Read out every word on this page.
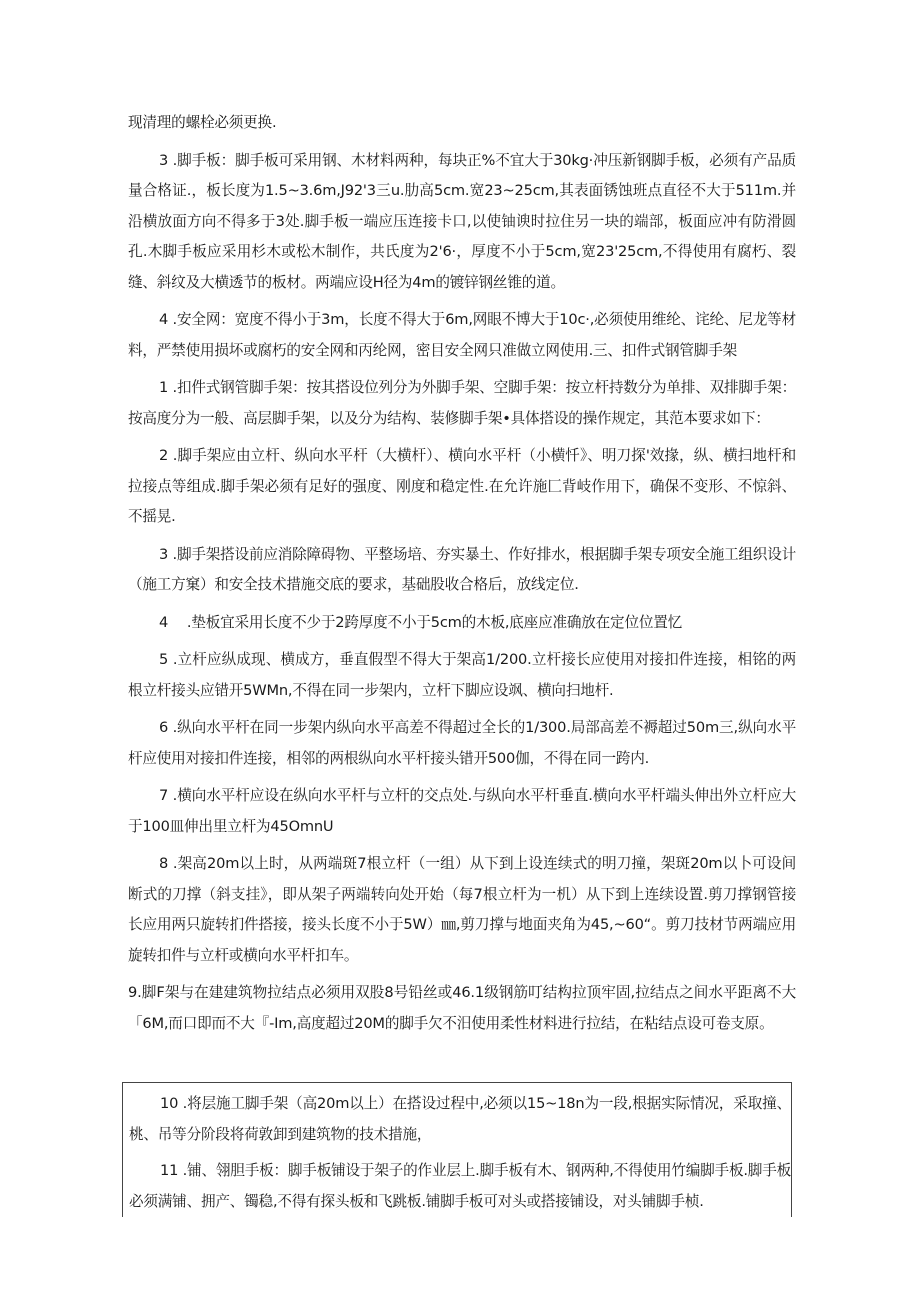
现清理的螺栓必须更换.

3 .脚手板：脚手板可采用钢、木材料两种，每块正%不宜大于30kg·冲压新钢脚手板，必须有产品质量合格证.，板长度为1.5~3.6m,J92'3三u.肋高5cm.宽23~25cm,其表面锈蚀班点直径不大于511m.并沿横放面方向不得多于3处.脚手板一端应压连接卡口,以使铀谀时拉住另一块的端部，板面应冲有防滑圆孔.木脚手板应采用杉木或松木制作，共氏度为2'6·，厚度不小于5cm,宽23'25cm,不得使用有腐朽、裂缝、斜纹及大横透节的板材。两端应设H径为4m的镀锌钢丝锥的道。

4 .安全网：宽度不得小于3m，长度不得大于6m,网眼不博大于10c·,必须使用维纶、诧纶、尼龙等材料，严禁使用损坏或腐朽的安全网和丙纶网，密目安全网只准做立网使用.三、扣件式钢管脚手架

1 .扣件式钢管脚手架：按其搭设位列分为外脚手架、空脚手架：按立杆持数分为单排、双排脚手架：按高度分为一般、高层脚手架，以及分为结构、装修脚手架•具体搭设的操作规定，其范本要求如下：

2 .脚手架应由立杆、纵向水平杆（大横杆）、横向水平杆（小横忏》、明刀探'效掾，纵、横扫地杆和拉接点等组成.脚手架必须有足好的强度、刚度和稳定性.在允许施匚背岐作用下，确保不变形、不惊斜、不摇晃.

3 .脚手架搭设前应消除障碍物、平整场培、夯实暴土、作好排水，根据脚手架专项安全施工组织设计（施工方窠）和安全技术措施交底的要求，基础股收合格后，放线定位.

4 　.垫板宜采用长度不少于2跨厚度不小于5cm的木板,底座应准确放在定位位置忆

5 .立杆应纵成现、横成方，垂直假型不得大于架高1/200.立杆接长应使用对接扣件连接，相铭的两根立杆接头应错开5WMn,不得在同一步架内，立杆下脚应设飒、横向扫地杆.

6 .纵向水平杆在同一步架内纵向水平高差不得超过全长的1/300.局部高差不褥超过50m三,纵向水平杆应使用对接扣件连接，相邻的两根纵向水平杆接头错开500伽，不得在同一跨内.

7 .横向水平杆应设在纵向水平杆与立杆的交点处.与纵向水平杆垂直.横向水平杆端头伸出外立杆应大于100皿伸出里立杆为45OmnU

8 .架高20m以上时，从两端斑7根立杆（一组）从下到上设连续式的明刀撞，架斑20m以卜可设间断式的刀撑（斜支挂》，即从架子两端转向处开始（每7根立杆为一机）从下到上连续设置.剪刀撑钢管接长应用两只旋转扪件搭接，接头长度不小于5W）㎜,剪刀撑与地面夹角为45,~60“。剪刀技材节两端应用旋转扣件与立杆或横向水平杆扣车。

9.脚F架与在建建筑物拉结点必须用双股8号铅丝或46.1级钢筋叮结构拉顶牢固,拉结点之间水平距离不大「6M,而口即而不大『-Im,高度超过20M的脚手欠不汨使用柔性材料进行拉结，在粘结点设可卷支原。

10 .将层施工脚手架（高20m以上）在搭设过程中,必须以15~18n为一段,根据实际情况，采取撞、桃、吊等分阶段将荷敦卸到建筑物的技术措施，

11 .铺、翎胆手板：脚手板铺设于架子的作业层上.脚手板有木、钢两种,不得使用竹编脚手板.脚手板必须满铺、拥产、镯稳,不得有探头板和飞跳板.铺脚手板可对头或搭接铺设，对头铺脚手桢.
